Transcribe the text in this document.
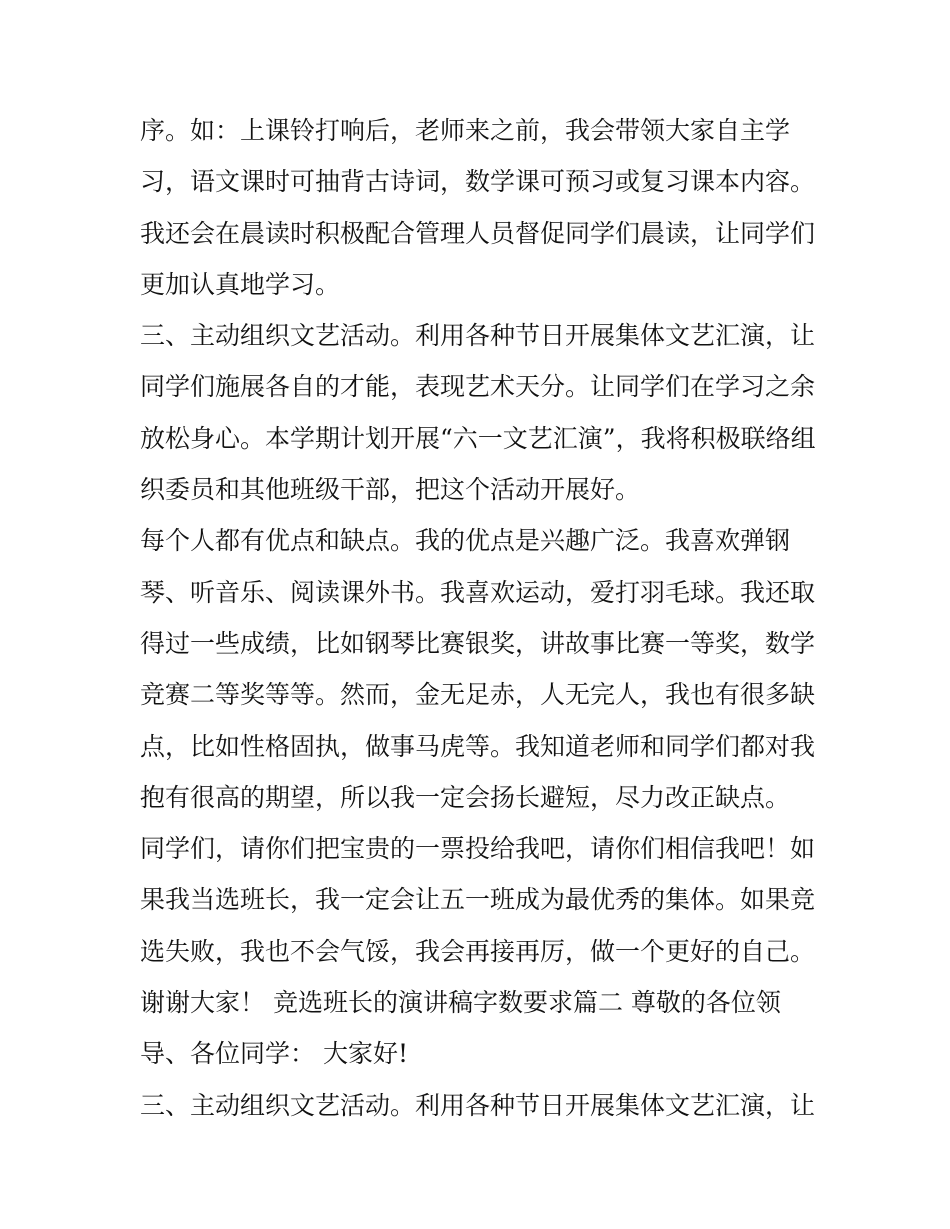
序。如：上课铃打响后，老师来之前，我会带领大家自主学
习，语文课时可抽背古诗词，数学课可预习或复习课本内容。
我还会在晨读时积极配合管理人员督促同学们晨读，让同学们
更加认真地学习。
三、主动组织文艺活动。利用各种节日开展集体文艺汇演，让
同学们施展各自的才能，表现艺术天分。让同学们在学习之余
放松身心。本学期计划开展“六一文艺汇演”，我将积极联络组
织委员和其他班级干部，把这个活动开展好。
每个人都有优点和缺点。我的优点是兴趣广泛。我喜欢弹钢
琴、听音乐、阅读课外书。我喜欢运动，爱打羽毛球。我还取
得过一些成绩，比如钢琴比赛银奖，讲故事比赛一等奖，数学
竞赛二等奖等等。然而，金无足赤，人无完人，我也有很多缺
点，比如性格固执，做事马虎等。我知道老师和同学们都对我
抱有很高的期望，所以我一定会扬长避短，尽力改正缺点。
同学们，请你们把宝贵的一票投给我吧，请你们相信我吧！如
果我当选班长，我一定会让五一班成为最优秀的集体。如果竞
选失败，我也不会气馁，我会再接再厉，做一个更好的自己。
谢谢大家！ 竞选班长的演讲稿字数要求篇二 尊敬的各位领
导、各位同学： 大家好!
三、主动组织文艺活动。利用各种节日开展集体文艺汇演，让
